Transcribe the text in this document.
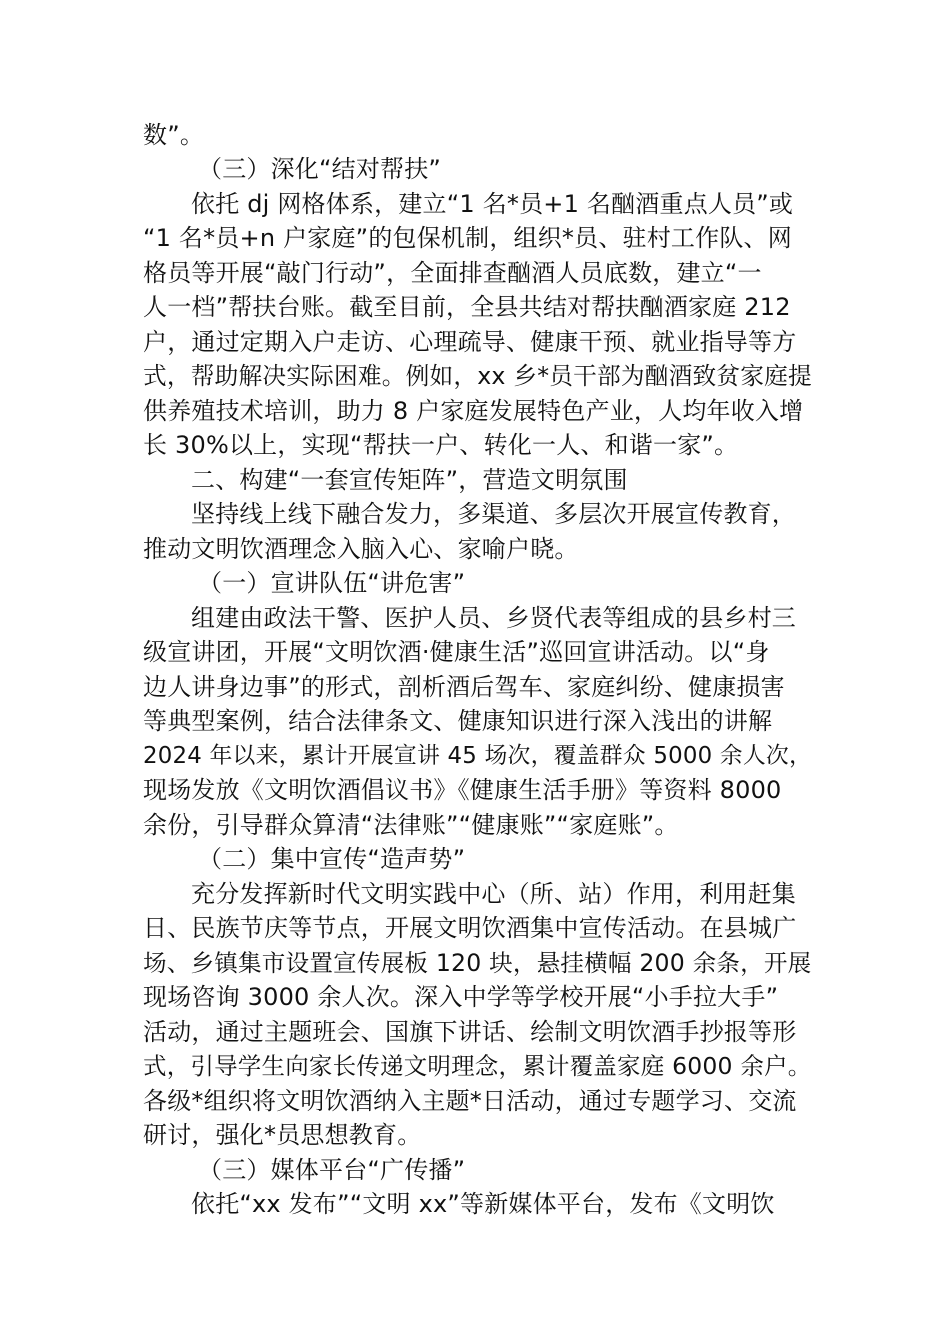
数”。
（三）深化“结对帮扶”
依托 dj 网格体系，建立“1 名*员+1 名酗酒重点人员”或
“1 名*员+n 户家庭”的包保机制，组织*员、驻村工作队、网
格员等开展“敲门行动”，全面排查酗酒人员底数，建立“一
人一档”帮扶台账。截至目前，全县共结对帮扶酗酒家庭 212
户，通过定期入户走访、心理疏导、健康干预、就业指导等方
式，帮助解决实际困难。例如，xx 乡*员干部为酗酒致贫家庭提
供养殖技术培训，助力 8 户家庭发展特色产业，人均年收入增
长 30%以上，实现“帮扶一户、转化一人、和谐一家”。
二、构建“一套宣传矩阵”，营造文明氛围
坚持线上线下融合发力，多渠道、多层次开展宣传教育，
推动文明饮酒理念入脑入心、家喻户晓。
（一）宣讲队伍“讲危害”
组建由政法干警、医护人员、乡贤代表等组成的县乡村三
级宣讲团，开展“文明饮酒·健康生活”巡回宣讲活动。以“身
边人讲身边事”的形式，剖析酒后驾车、家庭纠纷、健康损害
等典型案例，结合法律条文、健康知识进行深入浅出的讲解
2024 年以来，累计开展宣讲 45 场次，覆盖群众 5000 余人次，
现场发放《文明饮酒倡议书》《健康生活手册》等资料 8000
余份，引导群众算清“法律账”“健康账”“家庭账”。
（二）集中宣传“造声势”
充分发挥新时代文明实践中心（所、站）作用，利用赶集
日、民族节庆等节点，开展文明饮酒集中宣传活动。在县城广
场、乡镇集市设置宣传展板 120 块，悬挂横幅 200 余条，开展
现场咨询 3000 余人次。深入中学等学校开展“小手拉大手”
活动，通过主题班会、国旗下讲话、绘制文明饮酒手抄报等形
式，引导学生向家长传递文明理念，累计覆盖家庭 6000 余户。
各级*组织将文明饮酒纳入主题*日活动，通过专题学习、交流
研讨，强化*员思想教育。
（三）媒体平台“广传播”
依托“xx 发布”“文明 xx”等新媒体平台，发布《文明饮
